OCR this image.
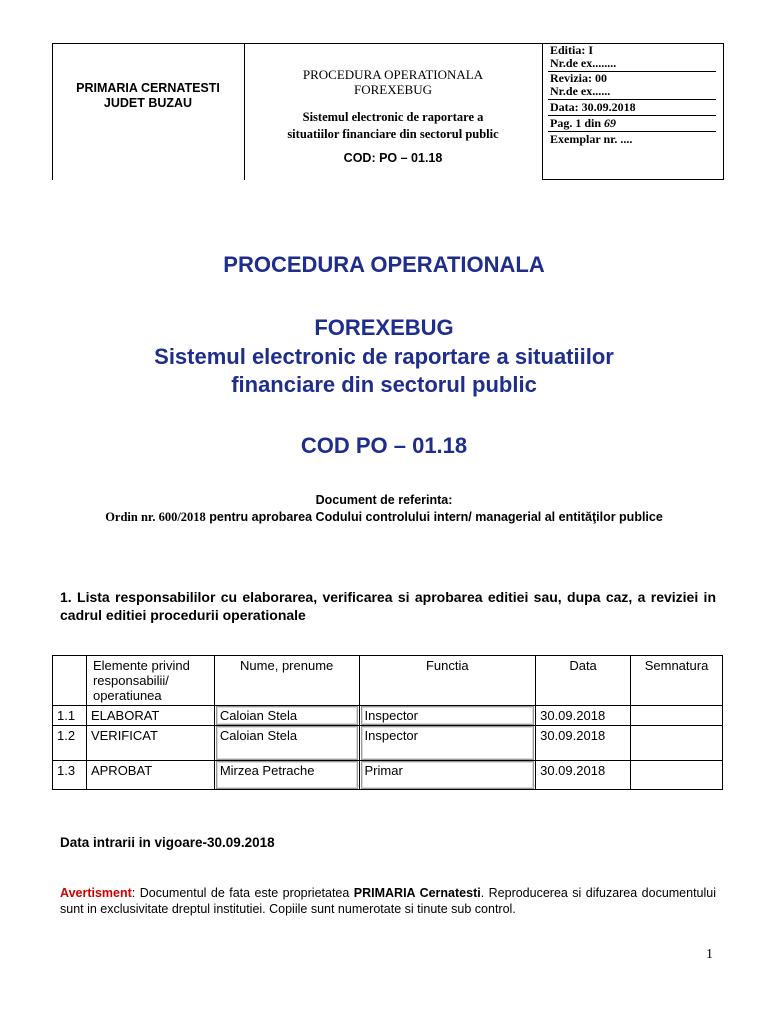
PRIMARIA CERNATESTI
JUDET BUZAU
PROCEDURA OPERATIONALA
FOREXEBUG
Sistemul electronic de raportare a
situatiilor financiare din sectorul public
COD: PO – 01.18
Editia: I
Nr.de ex........
Revizia: 00
Nr.de ex......
Data: 30.09.2018
Pag. 1 din 69
Exemplar nr. ....
PROCEDURA OPERATIONALA
FOREXEBUG
Sistemul electronic de raportare a situatiilor
financiare din sectorul public
COD PO – 01.18
Document de referinta:
Ordin nr. 600/2018 pentru aprobarea Codului controlului intern/ managerial al entităţilor publice
1. Lista responsabililor cu elaborarea, verificarea si aprobarea editiei sau, dupa caz, a reviziei in cadrul editiei procedurii operationale
	Elemente privind responsabilii/ operatiunea	Nume, prenume	Functia	Data	Semnatura
1.1	ELABORAT	Caloian Stela	Inspector	30.09.2018	
1.2	VERIFICAT	Caloian Stela	Inspector	30.09.2018	
1.3	APROBAT	Mirzea Petrache	Primar	30.09.2018	
Data intrarii in vigoare-30.09.2018
Avertisment: Documentul de fata este proprietatea PRIMARIA Cernatesti. Reproducerea si difuzarea documentului sunt in exclusivitate dreptul institutiei. Copiile sunt numerotate si tinute sub control.
1
